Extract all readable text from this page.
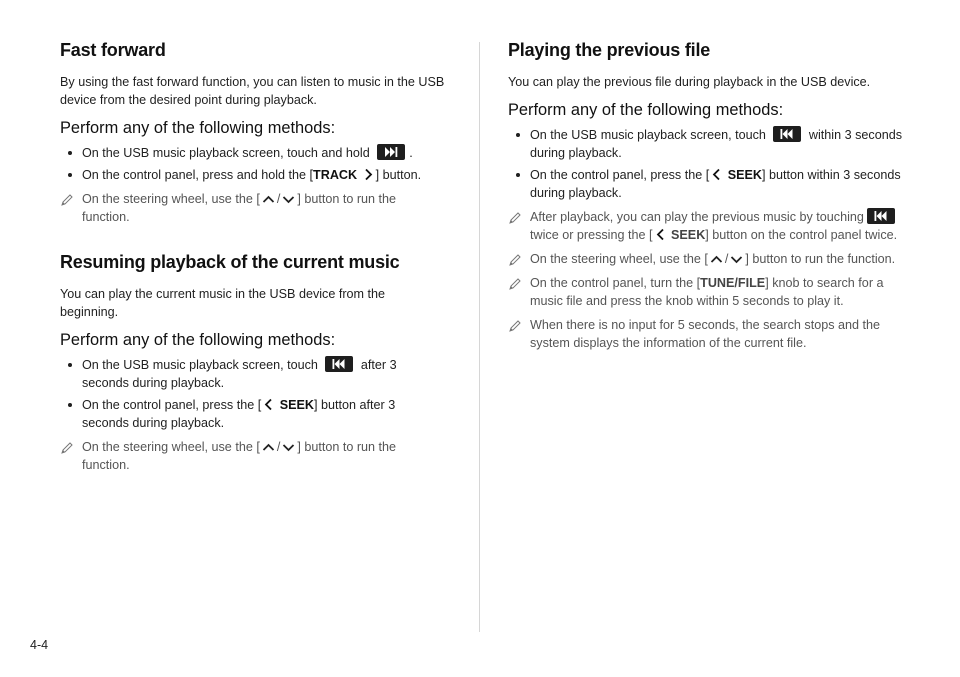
Fast forward

By using the fast forward function, you can listen to music in the USB device from the desired point during playback.

Perform any of the following methods:
On the USB music playback screen, touch and hold	.
On the control panel, press and hold the [TRACK ] button.
On the steering wheel, use the [ / ] button to run the function.
Resuming playback of the current music

You can play the current music in the USB device from the beginning.

Perform any of the following methods:
On the USB music playback screen, touch	after 3 seconds during playback.
On the control panel, press the [ SEEK] button after 3 seconds during playback.
On the steering wheel, use the [ / ] button to run the function.
Playing the previous file

You can play the previous file during playback in the USB device.

Perform any of the following methods:
On the USB music playback screen, touch	within 3 seconds during playback.
On the control panel, press the [ SEEK] button within 3 seconds during playback.
After playback, you can play the previous music by touching
twice or pressing the [ SEEK] button on the control panel twice.
On the steering wheel, use the [ / ] button to run the function.
On the control panel, turn the [TUNE/FILE] knob to search for a music file and press the knob within 5 seconds to play it.
When there is no input for 5 seconds, the search stops and the system displays the information of the current file.
4-4
